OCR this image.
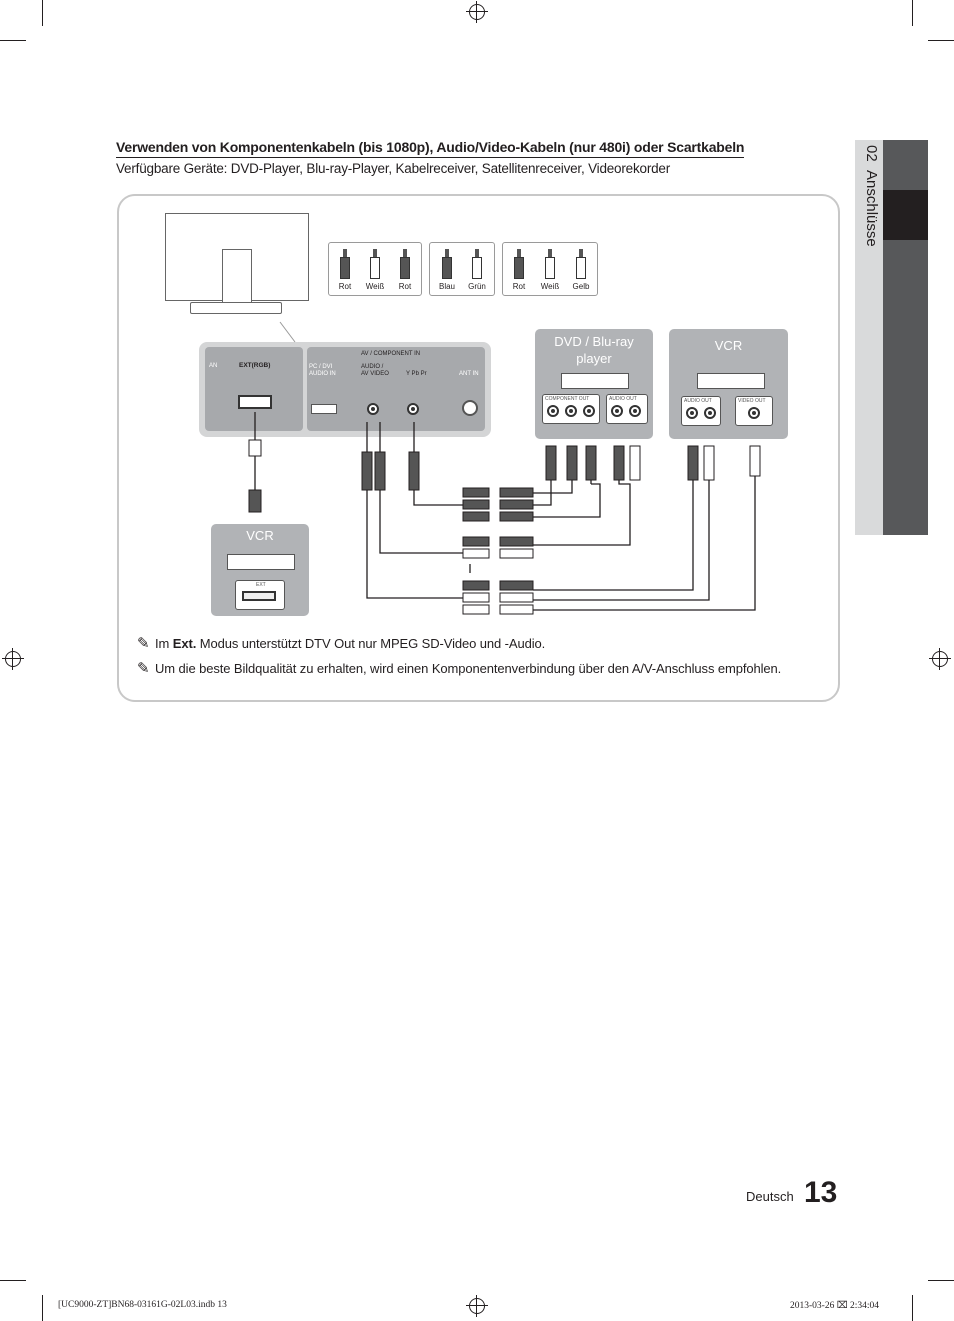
02  Anschlüsse
Verwenden von Komponentenkabeln (bis 1080p), Audio/Video-Kabeln (nur 480i) oder Scartkabeln
Verfügbare Geräte: DVD-Player, Blu-ray-Player, Kabelreceiver, Satellitenreceiver, Videorekorder
Rot	Weiß	Rot	Blau	Grün	Rot	Weiß	Gelb
AN	EXT(RGB)	PC / DVI AUDIO IN
AV / COMPONENT IN
AUDIO /
AV VIDEO	Y Pb Pr	ANT IN
DVD / Blu-ray player
COMPONENT OUT	AUDIO OUT
VCR
AUDIO OUT	VIDEO OUT
VCR
EXT
✎ Im Ext. Modus unterstützt DTV Out nur MPEG SD-Video und -Audio.
✎ Um die beste Bildqualität zu erhalten, wird einen Komponentenverbindung über den A/V-Anschluss empfohlen.
Deutsch 13
[UC9000-ZT]BN68-03161G-02L03.indb 13	2013-03-26 ⌧ 2:34:04
